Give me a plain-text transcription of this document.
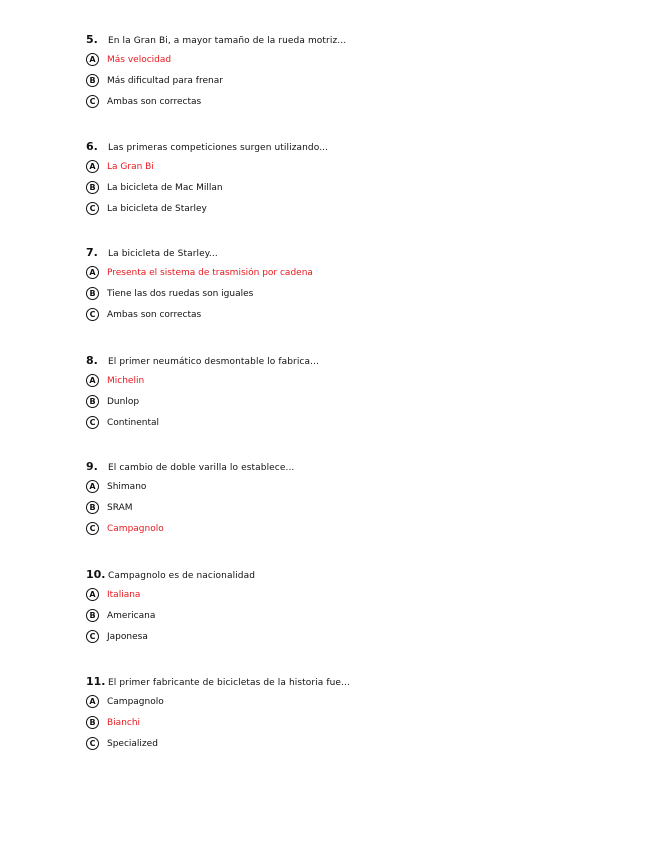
5.	En la Gran Bi, a mayor tamaño de la rueda motriz...
A	Más velocidad
B	Más dificultad para frenar
C	Ambas son correctas
6.	Las primeras competiciones surgen utilizando...
A	La Gran Bi
B	La bicicleta de Mac Millan
C	La bicicleta de Starley
7.	La bicicleta de Starley...
A	Presenta el sistema de trasmisión por cadena
B	Tiene las dos ruedas son iguales
C	Ambas son correctas
8.	El primer neumático desmontable lo fabrica...
A	Michelin
B	Dunlop
C	Continental
9.	El cambio de doble varilla lo establece...
A	Shimano
B	SRAM
C	Campagnolo
10. Campagnolo es de nacionalidad
A	Italiana
B	Americana
C	Japonesa
11. El primer fabricante de bicicletas de la historia fue...
A	Campagnolo
B	Bianchi
C	Specialized
